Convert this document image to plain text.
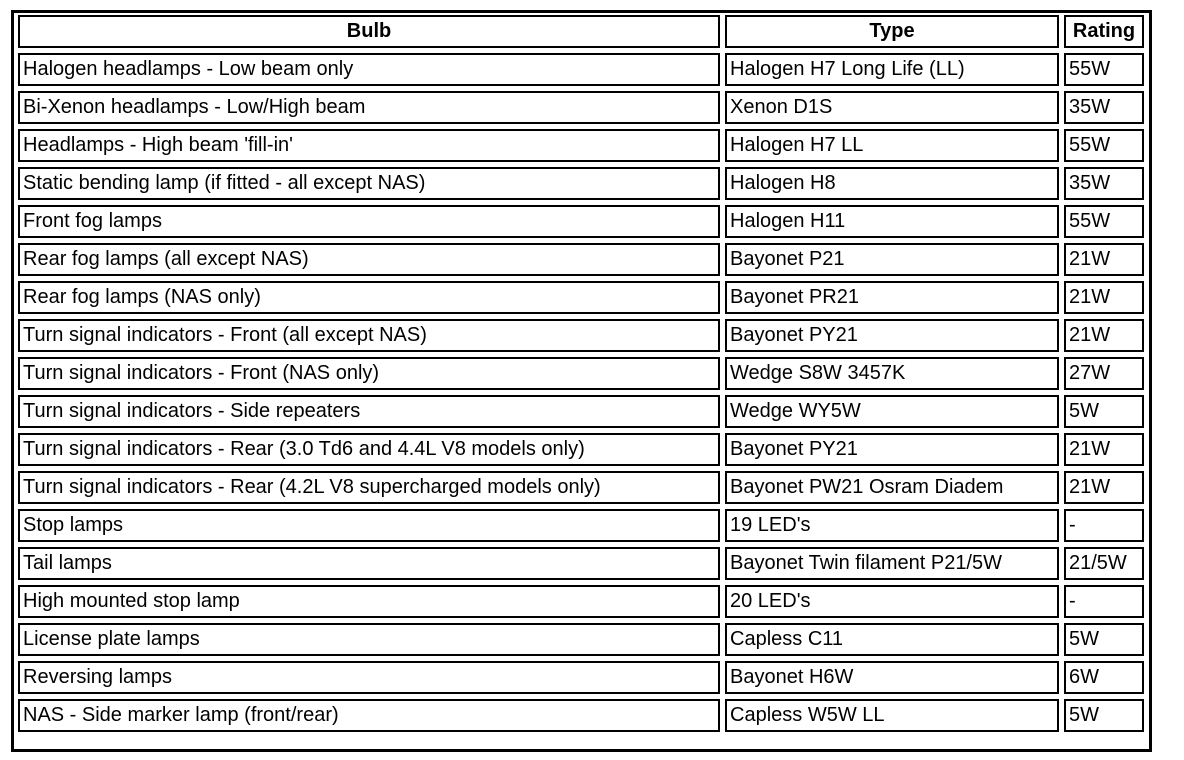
Bulb	Type	Rating
Halogen headlamps - Low beam only	Halogen H7 Long Life (LL)	55W
Bi-Xenon headlamps - Low/High beam	Xenon D1S	35W
Headlamps - High beam 'fill-in'	Halogen H7 LL	55W
Static bending lamp (if fitted - all except NAS)	Halogen H8	35W
Front fog lamps	Halogen H11	55W
Rear fog lamps (all except NAS)	Bayonet P21	21W
Rear fog lamps (NAS only)	Bayonet PR21	21W
Turn signal indicators - Front (all except NAS)	Bayonet PY21	21W
Turn signal indicators - Front (NAS only)	Wedge S8W 3457K	27W
Turn signal indicators - Side repeaters	Wedge WY5W	5W
Turn signal indicators - Rear (3.0 Td6 and 4.4L V8 models only)	Bayonet PY21	21W
Turn signal indicators - Rear (4.2L V8 supercharged models only)	Bayonet PW21 Osram Diadem	21W
Stop lamps	19 LED's	-
Tail lamps	Bayonet Twin filament P21/5W	21/5W
High mounted stop lamp	20 LED's	-
License plate lamps	Capless C11	5W
Reversing lamps	Bayonet H6W	6W
NAS - Side marker lamp (front/rear)	Capless W5W LL	5W
